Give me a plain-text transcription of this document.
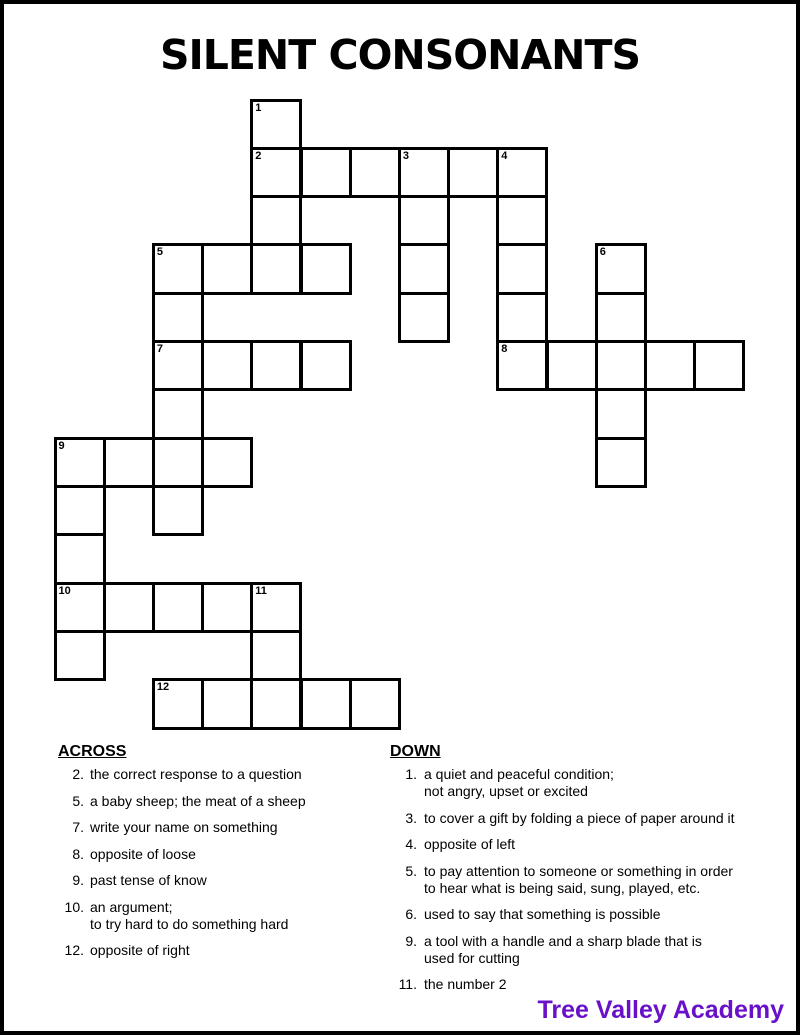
SILENT CONSONANTS
1
2	3	4
5	6
7	8
9
10	11
12
ACROSS
2. the correct response to a question
5. a baby sheep; the meat of a sheep
7. write your name on something
8. opposite of loose
9. past tense of know
10. an argument;
to try hard to do something hard
12. opposite of right
DOWN
1. a quiet and peaceful condition;
not angry, upset or excited
3. to cover a gift by folding a piece of paper around it
4. opposite of left
5. to pay attention to someone or something in order
to hear what is being said, sung, played, etc.
6. used to say that something is possible
9. a tool with a handle and a sharp blade that is
used for cutting
11. the number 2
Tree Valley Academy
